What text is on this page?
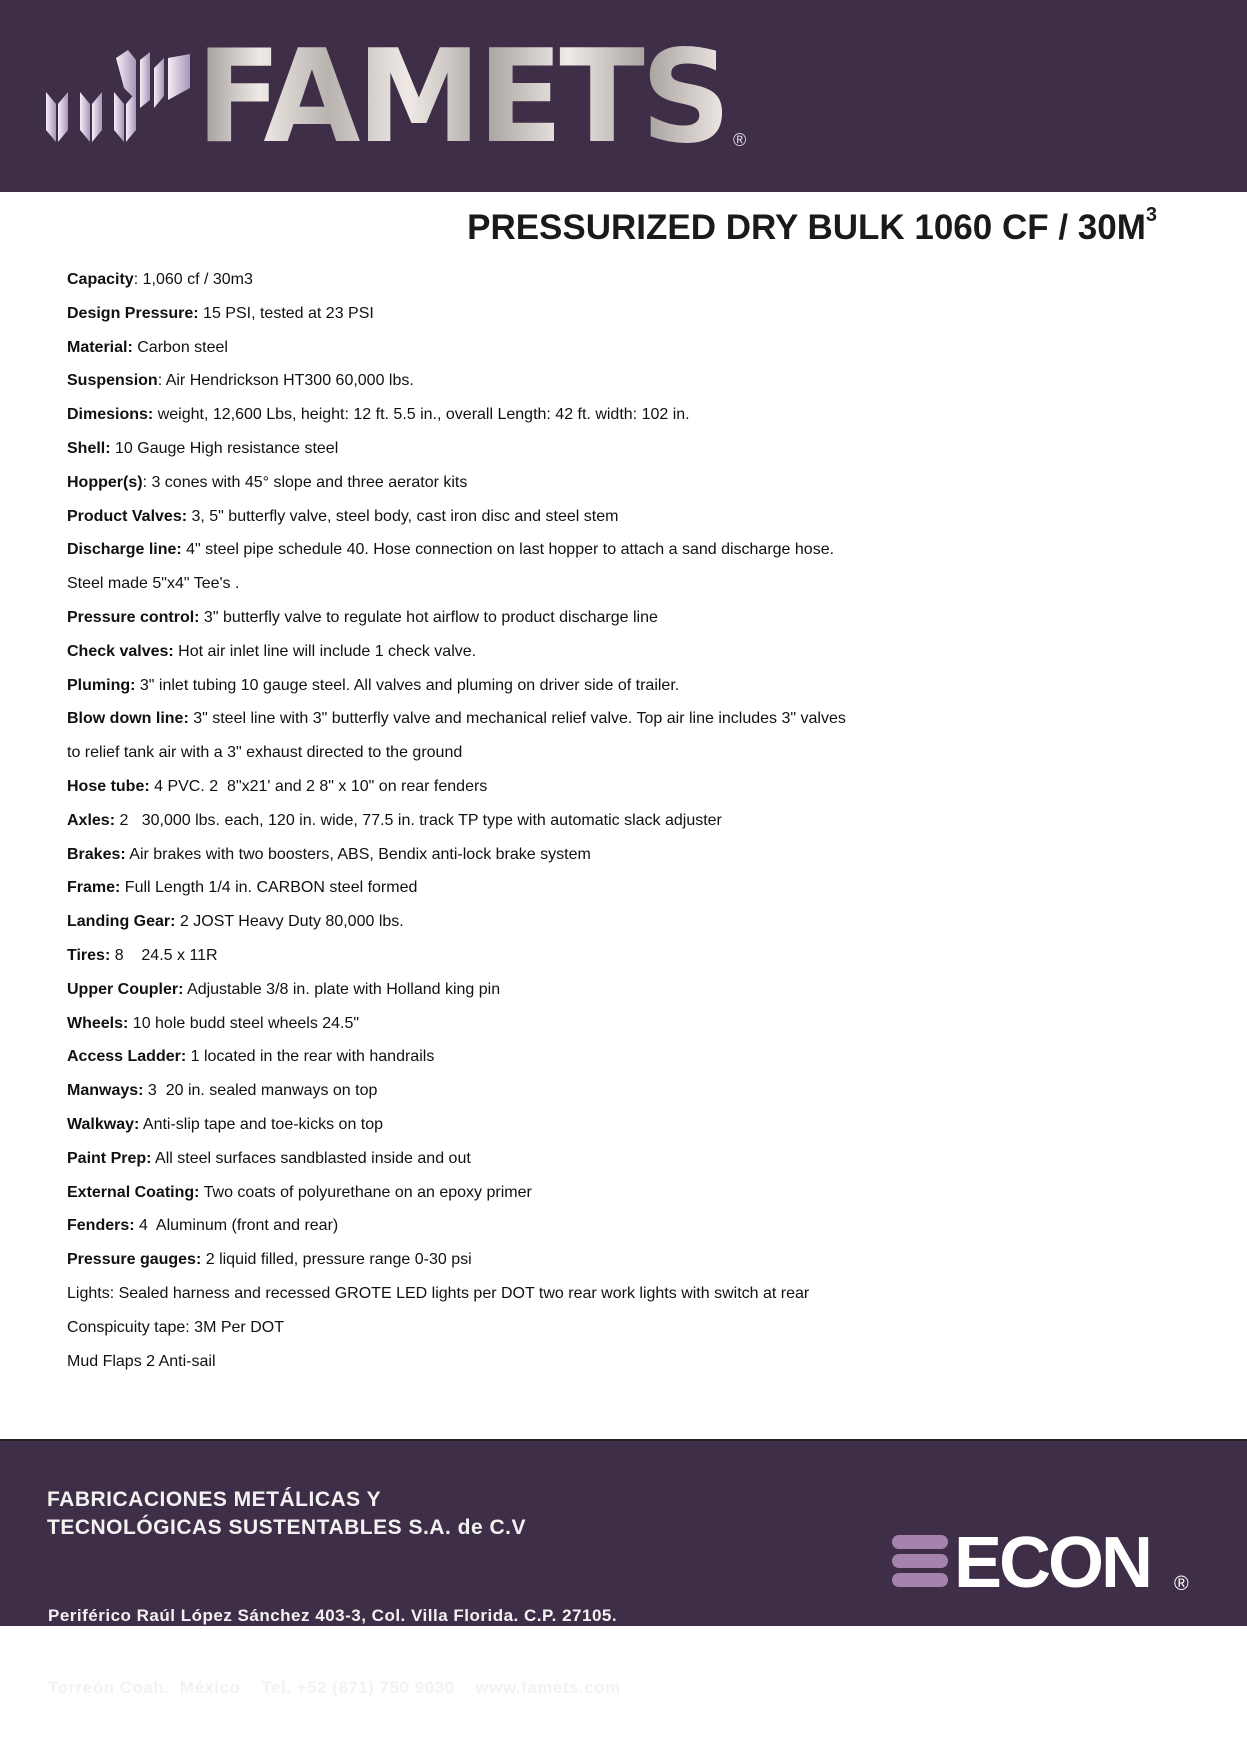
FAMETS ®
PRESSURIZED DRY BULK 1060 CF / $30M^3$
Capacity: 1,060 cf / 30m3
Design Pressure: 15 PSI, tested at 23 PSI
Material: Carbon steel
Suspension: Air Hendrickson HT300 60,000 lbs.
Dimesions: weight, 12,600 Lbs, height: 12 ft. 5.5 in., overall Length: 42 ft. width: 102 in.
Shell: 10 Gauge High resistance steel
Hopper(s): 3 cones with 45° slope and three aerator kits
Product Valves: 3, 5" butterfly valve, steel body, cast iron disc and steel stem
Discharge line: 4" steel pipe schedule 40. Hose connection on last hopper to attach a sand discharge hose.
Steel made 5"x4" Tee's .
Pressure control: 3" butterfly valve to regulate hot airflow to product discharge line
Check valves: Hot air inlet line will include 1 check valve.
Pluming: 3" inlet tubing 10 gauge steel. All valves and pluming on driver side of trailer.
Blow down line: 3" steel line with 3" butterfly valve and mechanical relief valve. Top air line includes 3" valves
to relief tank air with a 3" exhaust directed to the ground
Hose tube: 4 PVC. 2  8"x21' and 2 8" x 10" on rear fenders
Axles: 2   30,000 lbs. each, 120 in. wide, 77.5 in. track TP type with automatic slack adjuster
Brakes: Air brakes with two boosters, ABS, Bendix anti-lock brake system
Frame: Full Length 1/4 in. CARBON steel formed
Landing Gear: 2 JOST Heavy Duty 80,000 lbs.
Tires: 8    24.5 x 11R
Upper Coupler: Adjustable 3/8 in. plate with Holland king pin
Wheels: 10 hole budd steel wheels 24.5"
Access Ladder: 1 located in the rear with handrails
Manways: 3  20 in. sealed manways on top
Walkway: Anti-slip tape and toe-kicks on top
Paint Prep: All steel surfaces sandblasted inside and out
External Coating: Two coats of polyurethane on an epoxy primer
Fenders: 4  Aluminum (front and rear)
Pressure gauges: 2 liquid filled, pressure range 0-30 psi
Lights: Sealed harness and recessed GROTE LED lights per DOT two rear work lights with switch at rear
Conspicuity tape: 3M Per DOT
Mud Flaps 2 Anti-sail
FABRICACIONES METÁLICAS Y
TECNOLÓGICAS SUSTENTABLES S.A. de C.V

Periférico Raúl López Sánchez 403-3, Col. Villa Florida. C.P. 27105.

Torreón Coah.  México    Tel. +52 (871) 750 9030    www.famets.com

ECON ®
